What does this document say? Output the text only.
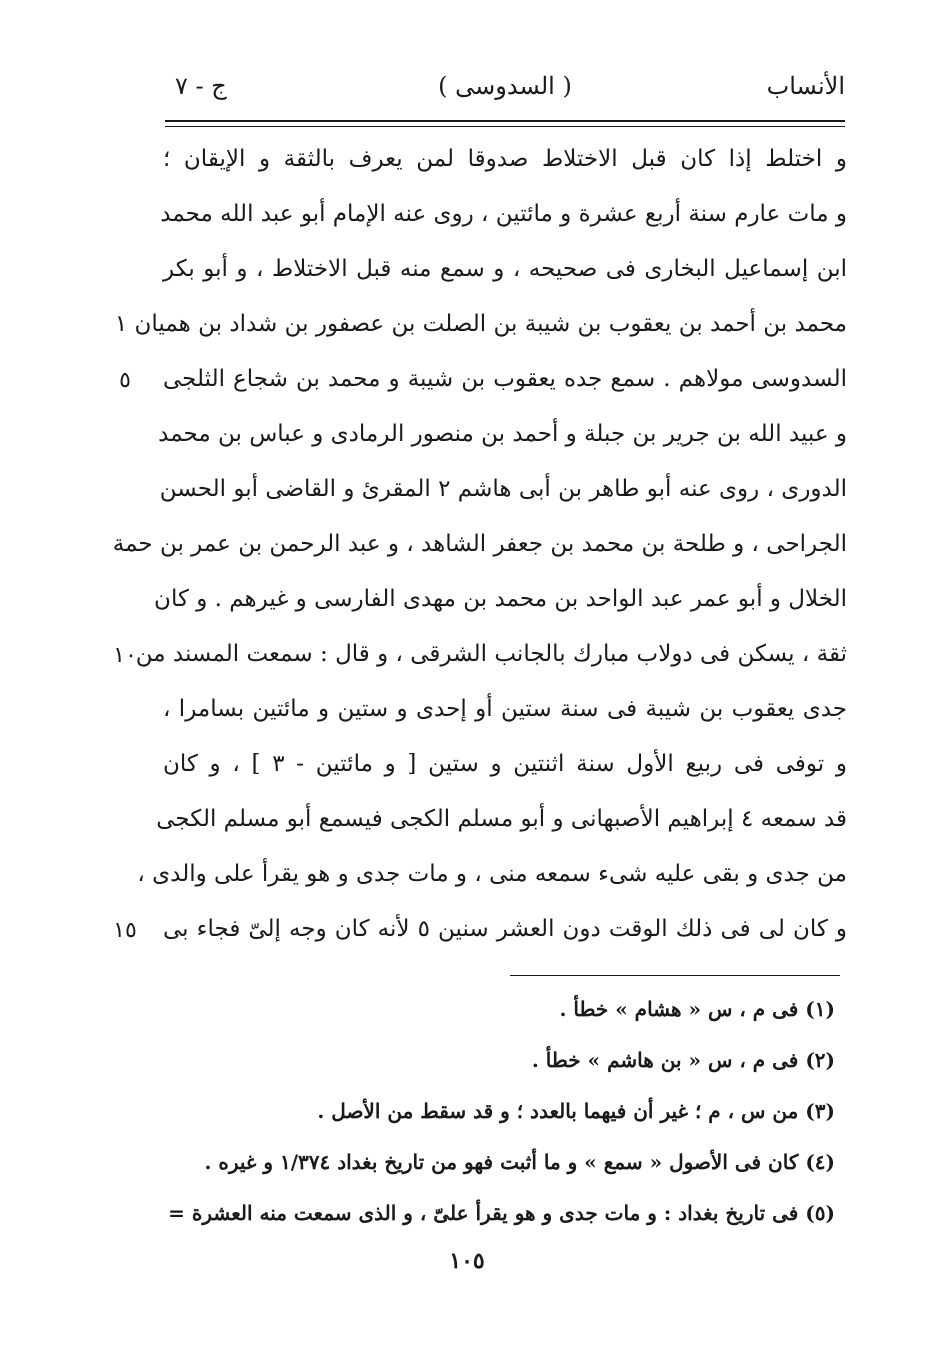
الأنساب
( السدوسى )
ج - ٧
و اختلط إذا كان قبل الاختلاط صدوقا لمن يعرف بالثقة و الإيقان ؛
و مات عارم سنة أربع عشرة و مائتين ، روى عنه الإمام أبو عبد الله محمد
ابن إسماعيل البخارى فى صحيحه ، و سمع منه قبل الاختلاط ، و أبو بكر
محمد بن أحمد بن يعقوب بن شيبة بن الصلت بن عصفور بن شداد بن هميان ١
السدوسى مولاهم . سمع جده يعقوب بن شيبة و محمد بن شجاع الثلجى
و عبيد الله بن جرير بن جبلة و أحمد بن منصور الرمادى و عباس بن محمد
الدورى ، روى عنه أبو طاهر بن أبى هاشم ٢ المقرئ و القاضى أبو الحسن
الجراحى ، و طلحة بن محمد بن جعفر الشاهد ، و عبد الرحمن بن عمر بن حمة
الخلال و أبو عمر عبد الواحد بن محمد بن مهدى الفارسى و غيرهم . و كان
ثقة ، يسكن فى دولاب مبارك بالجانب الشرقى ، و قال : سمعت المسند من
جدى يعقوب بن شيبة فى سنة ستين أو إحدى و ستين و مائتين بسامرا ،
و توفى فى ربيع الأول سنة اثنتين و ستين [ و مائتين - ٣ ] ، و كان
قد سمعه ٤ إبراهيم الأصبهانى و أبو مسلم الكجى فيسمع أبو مسلم الكجى
من جدى و بقى عليه شىء سمعه منى ، و مات جدى و هو يقرأ على والدى ،
و كان لى فى ذلك الوقت دون العشر سنين ٥ لأنه كان وجه إلىّ فجاء بى
٥
١٠
١٥
(١) فى م ، س « هشام » خطأ .
(٢) فى م ، س « بن هاشم » خطأ .
(٣) من س ، م ؛ غير أن فيهما بالعدد ؛ و قد سقط من الأصل .
(٤) كان فى الأصول « سمع » و ما أثبت فهو من تاريخ بغداد ١/٣٧٤ و غيره .
(٥) فى تاريخ بغداد : و مات جدى و هو يقرأ علىّ ، و الذى سمعت منه العشرة =
١٠٥
